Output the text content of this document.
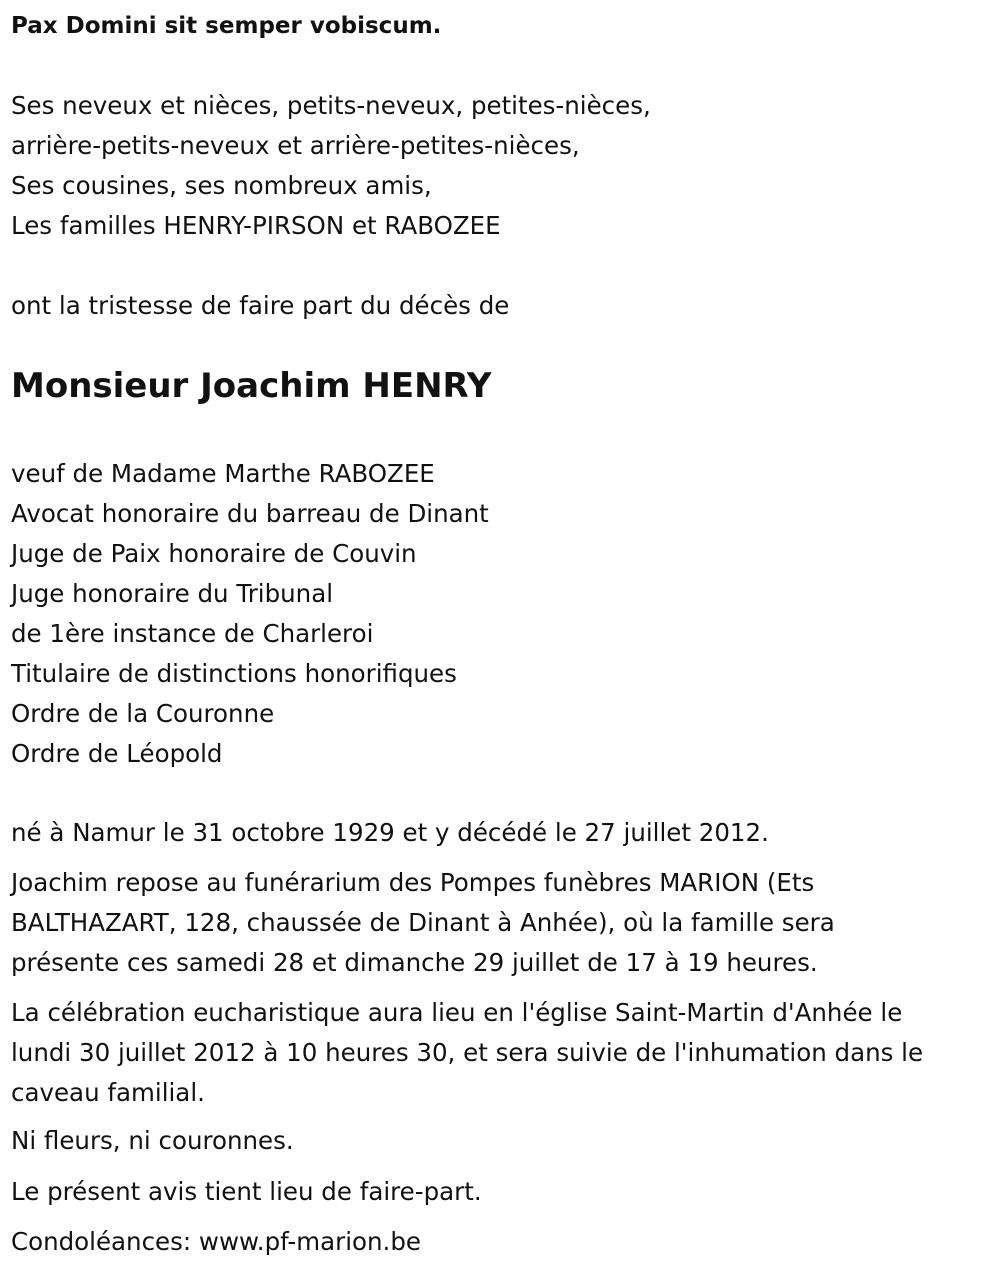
Pax Domini sit semper vobiscum.
Ses neveux et nièces, petits-neveux, petites-nièces,
arrière-petits-neveux et arrière-petites-nièces,
Ses cousines, ses nombreux amis,
Les familles HENRY-PIRSON et RABOZEE
ont la tristesse de faire part du décès de
Monsieur Joachim HENRY
veuf de Madame Marthe RABOZEE
Avocat honoraire du barreau de Dinant
Juge de Paix honoraire de Couvin
Juge honoraire du Tribunal
de 1ère instance de Charleroi
Titulaire de distinctions honorifiques
Ordre de la Couronne
Ordre de Léopold
né à Namur le 31 octobre 1929 et y décédé le 27 juillet 2012.
Joachim repose au funérarium des Pompes funèbres MARION (Ets
BALTHAZART, 128, chaussée de Dinant à Anhée), où la famille sera
présente ces samedi 28 et dimanche 29 juillet de 17 à 19 heures.
La célébration eucharistique aura lieu en l'église Saint-Martin d'Anhée le
lundi 30 juillet 2012 à 10 heures 30, et sera suivie de l'inhumation dans le
caveau familial.
Ni fleurs, ni couronnes.
Le présent avis tient lieu de faire-part.
Condoléances: www.pf-marion.be
